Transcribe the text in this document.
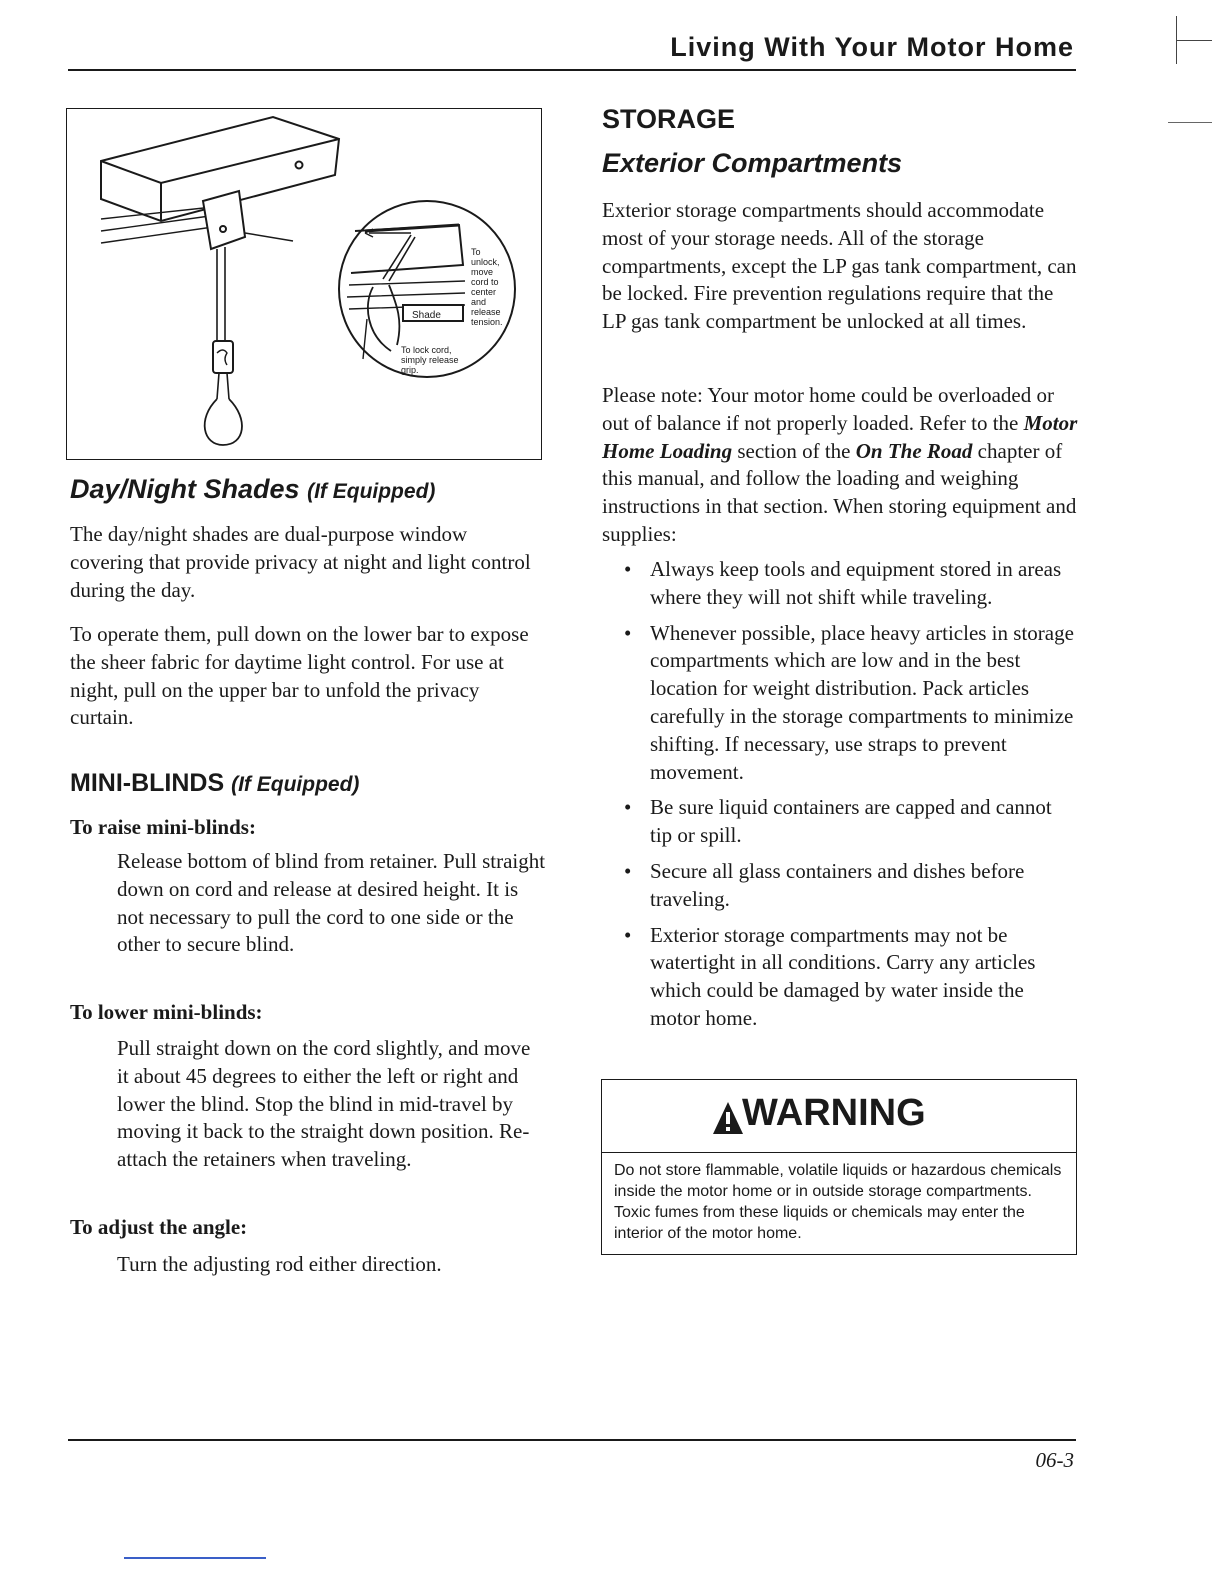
Living With Your Motor Home
Shade
To
unlock,
move
cord to
center
and
release
tension.
To lock cord,
simply release
grip.
Day/Night Shades (If Equipped)
The day/night shades are dual-purpose window covering that provide privacy at night and light control during the day.
To operate them, pull down on the lower bar to expose the sheer fabric for daytime light control. For use at night, pull on the upper bar to unfold the privacy curtain.
MINI-BLINDS (If Equipped)
To raise mini-blinds:
Release bottom of blind from retainer. Pull straight down on cord and release at desired height. It is not necessary to pull the cord to one side or the other to secure blind.
To lower mini-blinds:
Pull straight down on the cord slightly, and move it about 45 degrees to either the left or right and lower the blind. Stop the blind in mid-travel by moving it back to the straight down position. Re-attach the retainers when traveling.
To adjust the angle:
Turn the adjusting rod either direction.
STORAGE
Exterior Compartments
Exterior storage compartments should accommodate most of your storage needs. All of the storage compartments, except the LP gas tank compartment, can be locked. Fire prevention regulations require that the LP gas tank compartment be unlocked at all times.
Please note: Your motor home could be overloaded or out of balance if not properly loaded. Refer to the Motor Home Loading section of the On The Road chapter of this manual, and follow the loading and weighing instructions in that section. When storing equipment and supplies:
• Always keep tools and equipment stored in areas where they will not shift while traveling.
• Whenever possible, place heavy articles in storage compartments which are low and in the best location for weight distribution. Pack articles carefully in the storage compartments to minimize shifting. If necessary, use straps to prevent movement.
• Be sure liquid containers are capped and cannot tip or spill.
• Secure all glass containers and dishes before traveling.
• Exterior storage compartments may not be watertight in all conditions. Carry any articles which could be damaged by water inside the motor home.
WARNING
Do not store flammable, volatile liquids or hazardous chemicals inside the motor home or in outside storage compartments. Toxic fumes from these liquids or chemicals may enter the interior of the motor home.
06-3
